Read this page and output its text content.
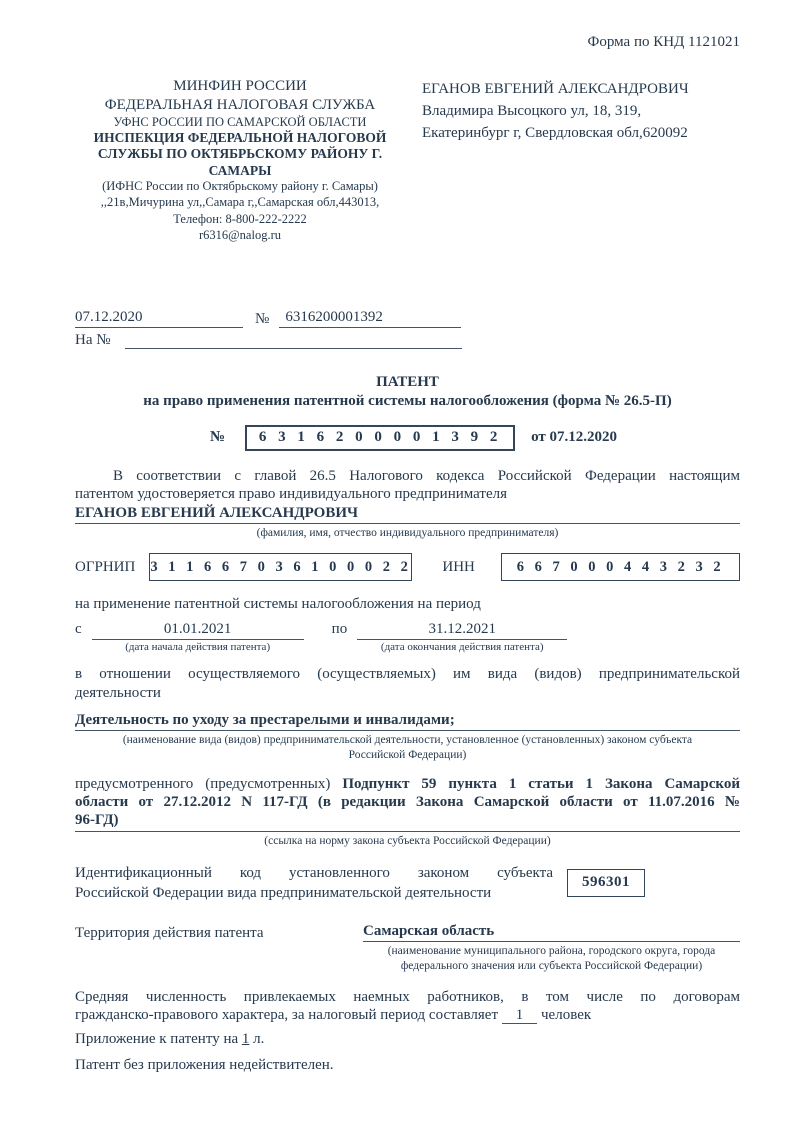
Форма по КНД 1121021
МИНФИН РОССИИ
ФЕДЕРАЛЬНАЯ НАЛОГОВАЯ СЛУЖБА
УФНС РОССИИ ПО САМАРСКОЙ ОБЛАСТИ
ИНСПЕКЦИЯ ФЕДЕРАЛЬНОЙ НАЛОГОВОЙ
СЛУЖБЫ ПО ОКТЯБРЬСКОМУ РАЙОНУ Г. САМАРЫ
(ИФНС России по Октябрьскому району г. Самары)
,,21в,Мичурина ул,,Самара г,,Самарская обл,443013,
Телефон: 8-800-222-2222
r6316@nalog.ru
ЕГАНОВ ЕВГЕНИЙ АЛЕКСАНДРОВИЧ
Владимира Высоцкого ул, 18, 319,
Екатеринбург г, Свердловская обл,620092
07.12.2020	№	6316200001392
На №
ПАТЕНТ
на право применения патентной системы налогообложения (форма № 26.5-П)
№ 6 3 1 6 2 0 0 0 0 1 3 9 2 от 07.12.2020
В соответствии с главой 26.5 Налогового кодекса Российской Федерации настоящим
патентом удостоверяется право индивидуального предпринимателя
ЕГАНОВ ЕВГЕНИЙ АЛЕКСАНДРОВИЧ
(фамилия, имя, отчество индивидуального предпринимателя)
ОГРНИП 3 1 1 6 6 7 0 3 6 1 0 0 0 2 2 ИНН	6 6 7 0 0 0 4 4 3 2 3 2
на применение патентной системы налогообложения на период
с	01.01.2021
(дата начала действия патента)
по	31.12.2021
(дата окончания действия патента)
в отношении осуществляемого (осуществляемых) им вида (видов) предпринимательской
деятельности
Деятельность по уходу за престарелыми и инвалидами;
(наименование вида (видов) предпринимательской деятельности, установленное (установленных) законом субъекта
Российской Федерации)
предусмотренного (предусмотренных) Подпункт 59 пункта 1 статьи 1 Закона Самарской
области от 27.12.2012 N 117-ГД (в редакции Закона Самарской области от 11.07.2016 №
96-ГД)
(ссылка на норму закона субъекта Российской Федерации)
Идентификационный код установленного законом субъекта
Российской Федерации вида предпринимательской деятельности
596301
Территория действия патента	Самарская область
(наименование муниципального района, городского округа, города
федерального значения или субъекта Российской Федерации)
Средняя численность привлекаемых наемных работников, в том числе по договорам
гражданско-правового характера, за налоговый период составляет 1 человек
Приложение к патенту на 1 л.
Патент без приложения недействителен.
